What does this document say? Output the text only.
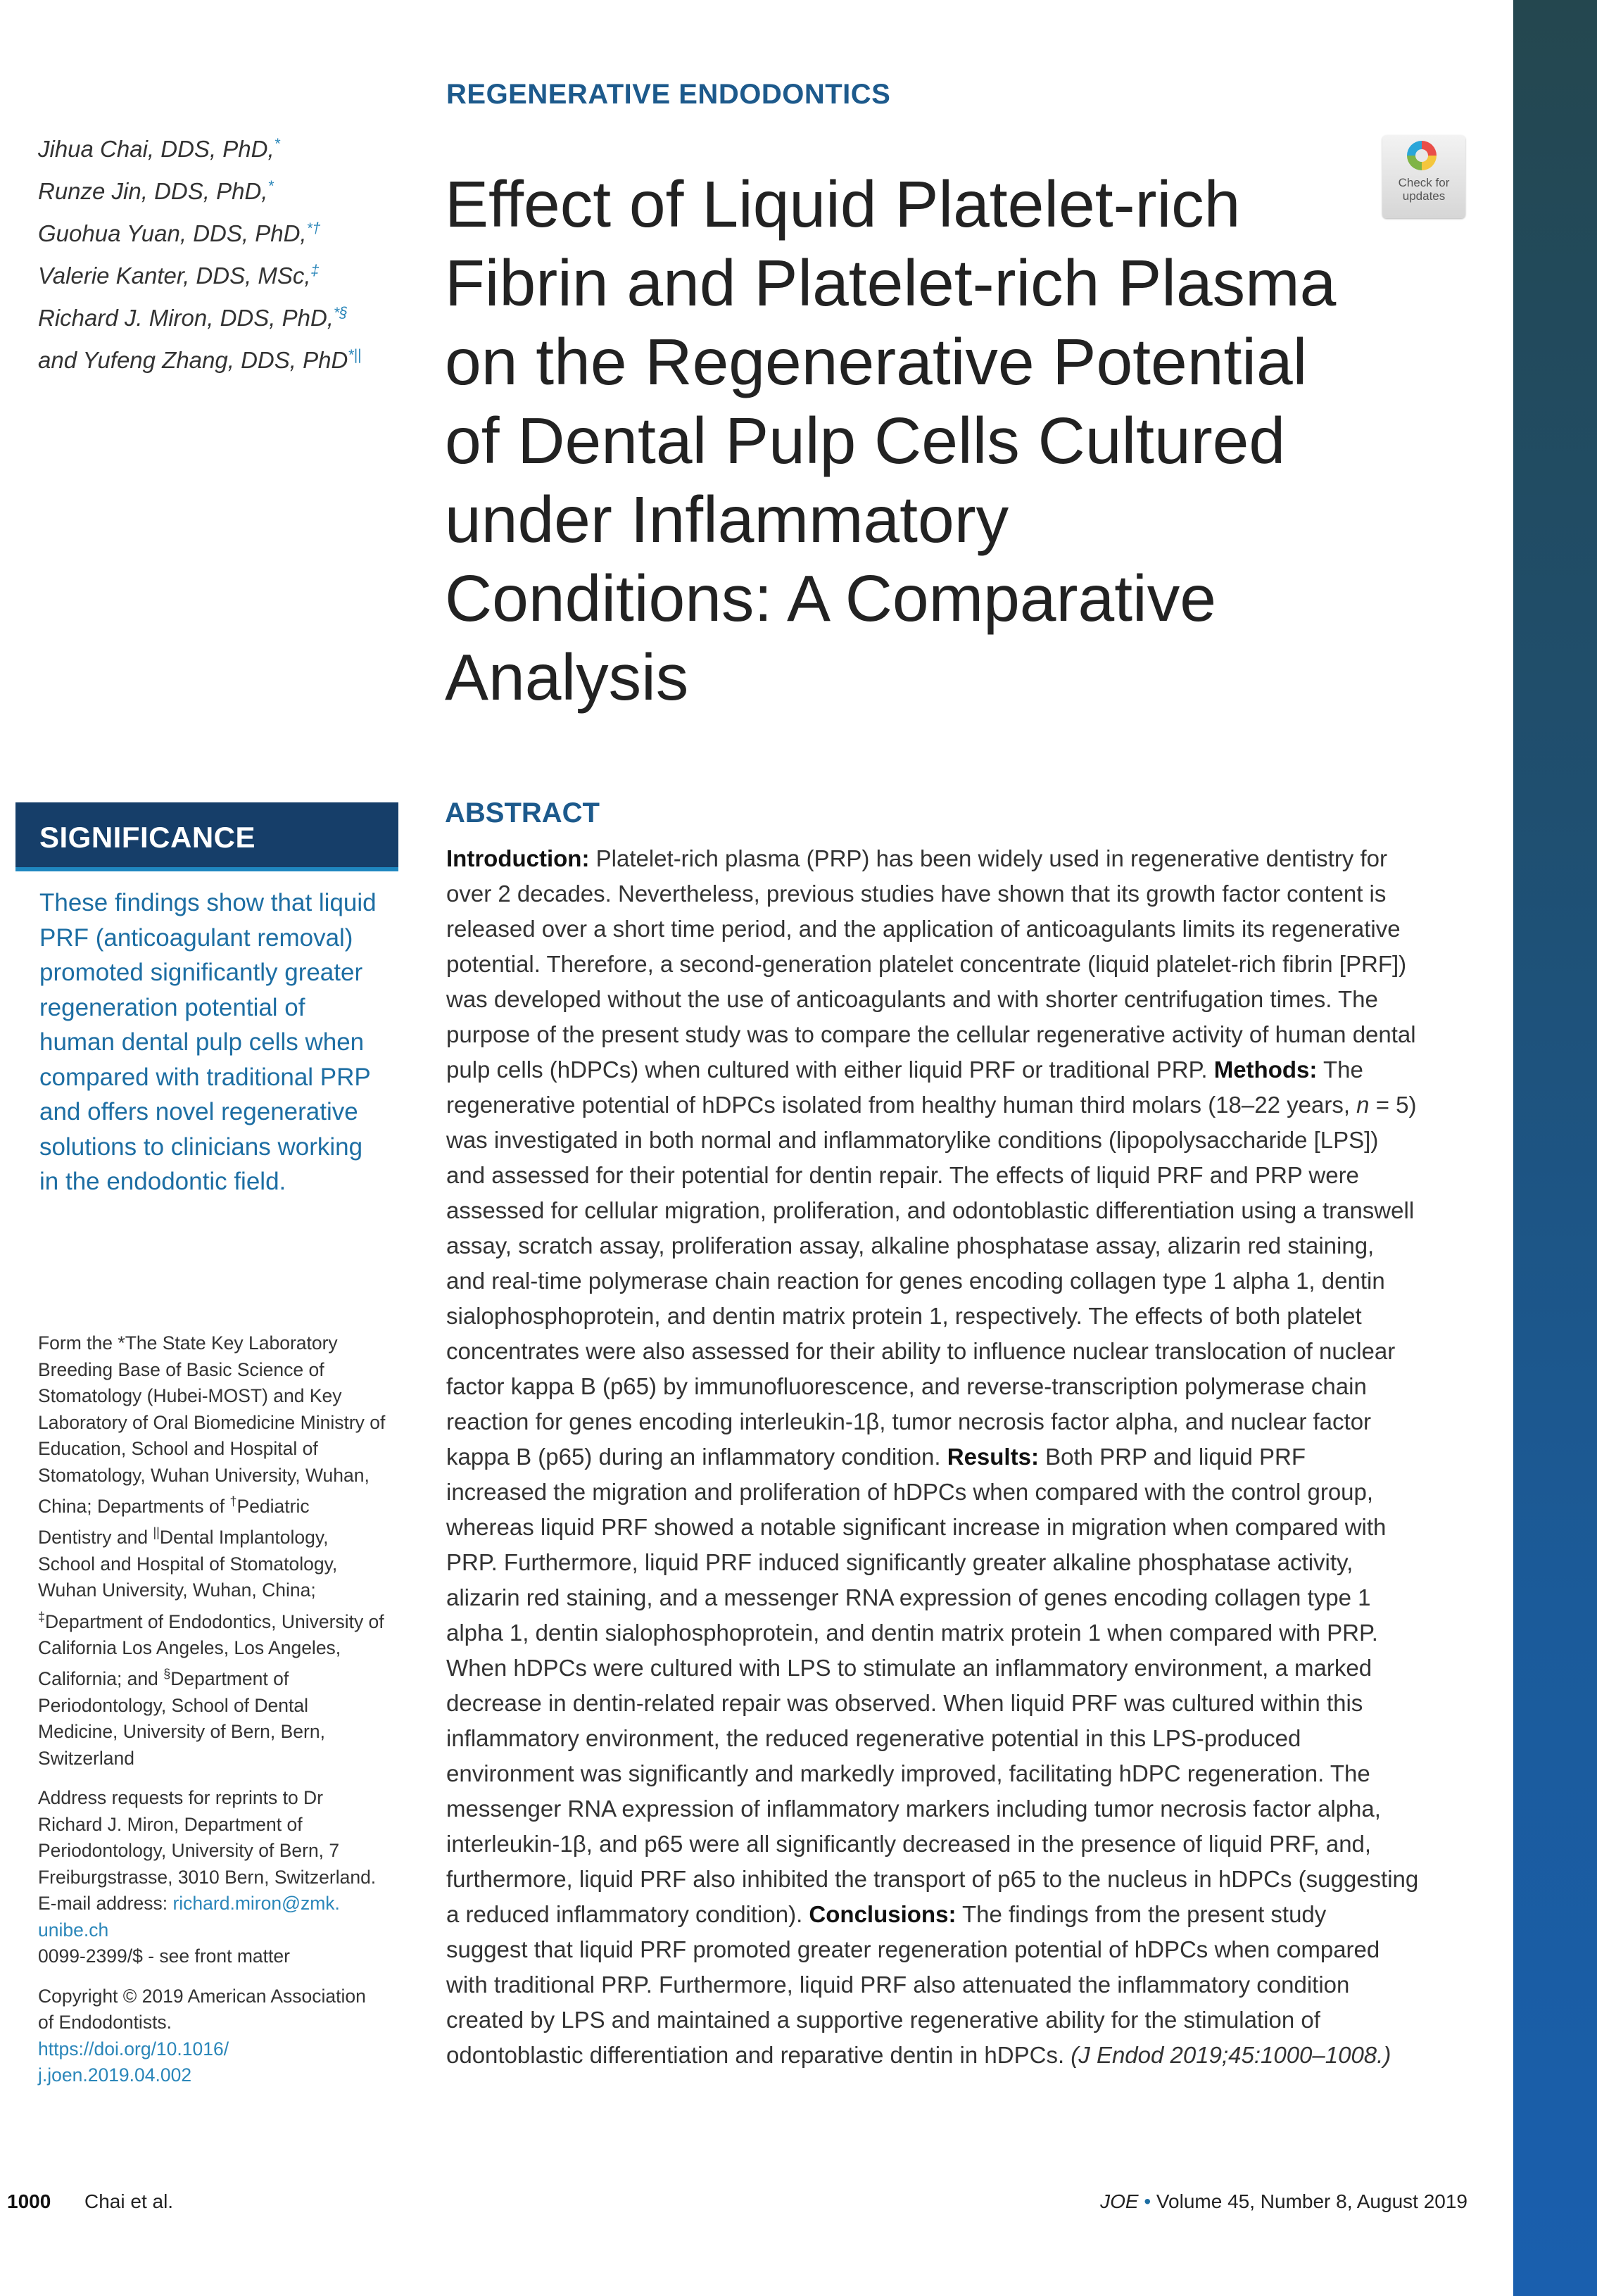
REGENERATIVE ENDODONTICS
Jihua Chai, DDS, PhD,*
Runze Jin, DDS, PhD,*
Guohua Yuan, DDS, PhD,*†
Valerie Kanter, DDS, MSc,‡
Richard J. Miron, DDS, PhD,*§
and Yufeng Zhang, DDS, PhD*||
Effect of Liquid Platelet-rich
Fibrin and Platelet-rich Plasma
on the Regenerative Potential
of Dental Pulp Cells Cultured
under Inflammatory
Conditions: A Comparative
Analysis
Check for updates
SIGNIFICANCE
These findings show that liquid
PRF (anticoagulant removal)
promoted significantly greater
regeneration potential of
human dental pulp cells when
compared with traditional PRP
and offers novel regenerative
solutions to clinicians working
in the endodontic field.
Form the *The State Key Laboratory
Breeding Base of Basic Science of
Stomatology (Hubei-MOST) and Key
Laboratory of Oral Biomedicine Ministry of
Education, School and Hospital of
Stomatology, Wuhan University, Wuhan,
China; Departments of †Pediatric
Dentistry and ||Dental Implantology,
School and Hospital of Stomatology,
Wuhan University, Wuhan, China;
‡Department of Endodontics, University of
California Los Angeles, Los Angeles,
California; and §Department of
Periodontology, School of Dental
Medicine, University of Bern, Bern,
Switzerland
Address requests for reprints to Dr
Richard J. Miron, Department of
Periodontology, University of Bern, 7
Freiburgstrasse, 3010 Bern, Switzerland.
E-mail address: richard.miron@zmk.
unibe.ch
0099-2399/$ - see front matter
Copyright © 2019 American Association
of Endodontists.
https://doi.org/10.1016/
j.joen.2019.04.002
ABSTRACT
Introduction: Platelet-rich plasma (PRP) has been widely used in regenerative dentistry for
over 2 decades. Nevertheless, previous studies have shown that its growth factor content is
released over a short time period, and the application of anticoagulants limits its regenerative
potential. Therefore, a second-generation platelet concentrate (liquid platelet-rich fibrin [PRF])
was developed without the use of anticoagulants and with shorter centrifugation times. The
purpose of the present study was to compare the cellular regenerative activity of human dental
pulp cells (hDPCs) when cultured with either liquid PRF or traditional PRP. Methods: The
regenerative potential of hDPCs isolated from healthy human third molars (18–22 years, n = 5)
was investigated in both normal and inflammatorylike conditions (lipopolysaccharide [LPS])
and assessed for their potential for dentin repair. The effects of liquid PRF and PRP were
assessed for cellular migration, proliferation, and odontoblastic differentiation using a transwell
assay, scratch assay, proliferation assay, alkaline phosphatase assay, alizarin red staining,
and real-time polymerase chain reaction for genes encoding collagen type 1 alpha 1, dentin
sialophosphoprotein, and dentin matrix protein 1, respectively. The effects of both platelet
concentrates were also assessed for their ability to influence nuclear translocation of nuclear
factor kappa B (p65) by immunofluorescence, and reverse-transcription polymerase chain
reaction for genes encoding interleukin-1β, tumor necrosis factor alpha, and nuclear factor
kappa B (p65) during an inflammatory condition. Results: Both PRP and liquid PRF
increased the migration and proliferation of hDPCs when compared with the control group,
whereas liquid PRF showed a notable significant increase in migration when compared with
PRP. Furthermore, liquid PRF induced significantly greater alkaline phosphatase activity,
alizarin red staining, and a messenger RNA expression of genes encoding collagen type 1
alpha 1, dentin sialophosphoprotein, and dentin matrix protein 1 when compared with PRP.
When hDPCs were cultured with LPS to stimulate an inflammatory environment, a marked
decrease in dentin-related repair was observed. When liquid PRF was cultured within this
inflammatory environment, the reduced regenerative potential in this LPS-produced
environment was significantly and markedly improved, facilitating hDPC regeneration. The
messenger RNA expression of inflammatory markers including tumor necrosis factor alpha,
interleukin-1β, and p65 were all significantly decreased in the presence of liquid PRF, and,
furthermore, liquid PRF also inhibited the transport of p65 to the nucleus in hDPCs (suggesting
a reduced inflammatory condition). Conclusions: The findings from the present study
suggest that liquid PRF promoted greater regeneration potential of hDPCs when compared
with traditional PRP. Furthermore, liquid PRF also attenuated the inflammatory condition
created by LPS and maintained a supportive regenerative ability for the stimulation of
odontoblastic differentiation and reparative dentin in hDPCs. (J Endod 2019;45:1000–1008.)
1000 Chai et al.	JOE • Volume 45, Number 8, August 2019
